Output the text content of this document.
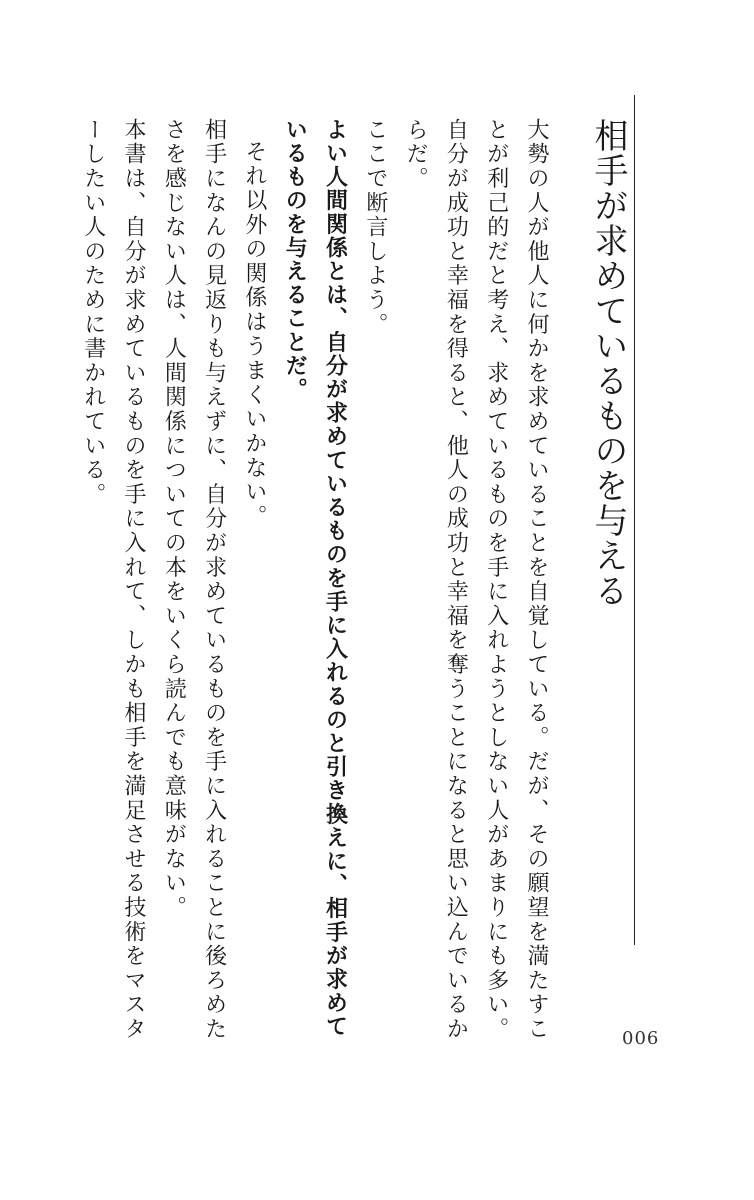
相手が求めているものを与える

大勢の人が他人に何かを求めていることを自覚している。だが、その願望を満たすことが利己的だと考え、求めているものを手に入れようとしない人があまりにも多い。自分が成功と幸福を得ると、他人の成功と幸福を奪うことになると思い込んでいるからだ。

ここで断言しよう。

よい人間関係とは、自分が求めているものを手に入れるのと引き換えに、相手が求めているものを与えることだ。

それ以外の関係はうまくいかない。

相手になんの見返りも与えずに、自分が求めているものを手に入れることに後ろめたさを感じない人は、人間関係についての本をいくら読んでも意味がない。

本書は、自分が求めているものを手に入れて、しかも相手を満足させる技術をマスターしたい人のために書かれている。

006
